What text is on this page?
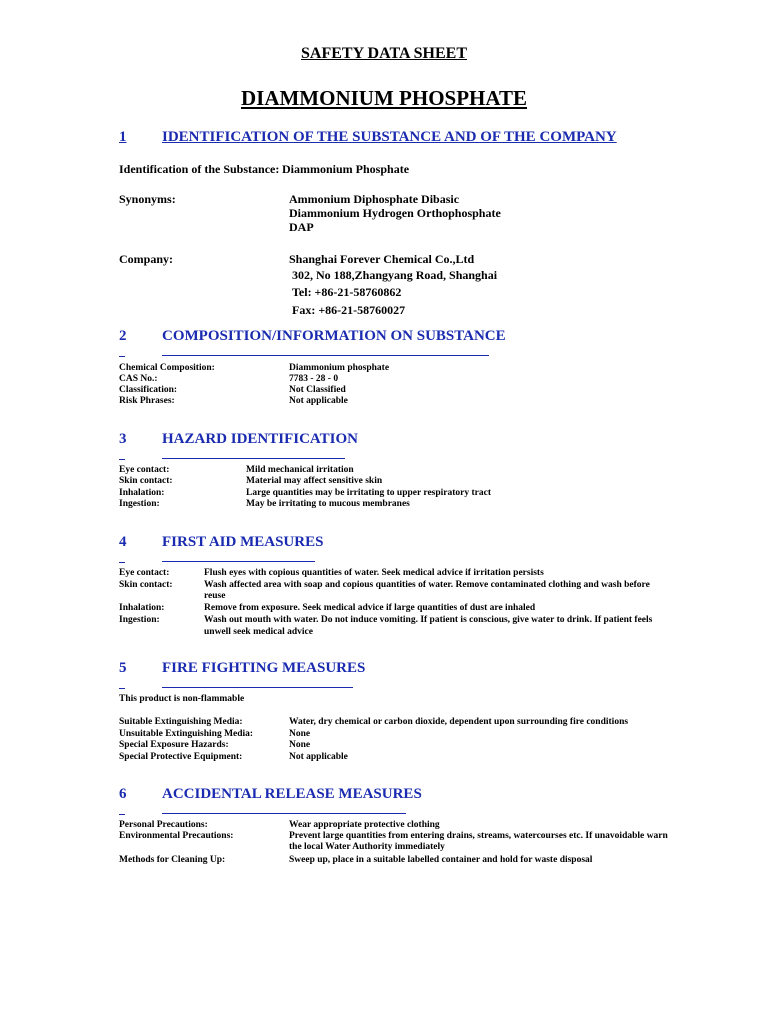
SAFETY DATA SHEET
DIAMMONIUM PHOSPHATE
1 IDENTIFICATION OF THE SUBSTANCE AND OF THE COMPANY
Identification of the Substance: Diammonium Phosphate
Synonyms:	Ammonium Diphosphate Dibasic
Diammonium Hydrogen Orthophosphate
DAP
Company:	Shanghai Forever Chemical Co.,Ltd
302, No 188,Zhangyang Road, Shanghai
Tel: +86-21-58760862
Fax: +86-21-58760027
2 COMPOSITION/INFORMATION ON SUBSTANCE
Chemical Composition:	Diammonium phosphate
CAS No.:	7783 - 28 - 0
Classification:	Not Classified
Risk Phrases:	Not applicable
3 HAZARD IDENTIFICATION
Eye contact:	Mild mechanical irritation
Skin contact:	Material may affect sensitive skin
Inhalation:	Large quantities may be irritating to upper respiratory tract
Ingestion:	May be irritating to mucous membranes
4 FIRST AID MEASURES
Eye contact:	Flush eyes with copious quantities of water. Seek medical advice if irritation persists
Skin contact:	Wash affected area with soap and copious quantities of water. Remove contaminated clothing and wash before
reuse
Inhalation:	Remove from exposure. Seek medical advice if large quantities of dust are inhaled
Ingestion:	Wash out mouth with water. Do not induce vomiting. If patient is conscious, give water to drink. If patient feels
unwell seek medical advice
5 FIRE FIGHTING MEASURES
This product is non-flammable
Suitable Extinguishing Media:	Water, dry chemical or carbon dioxide, dependent upon surrounding fire conditions
Unsuitable Extinguishing Media:	None
Special Exposure Hazards:	None
Special Protective Equipment:	Not applicable
6 ACCIDENTAL RELEASE MEASURES
Personal Precautions:	Wear appropriate protective clothing
Environmental Precautions:	Prevent large quantities from entering drains, streams, watercourses etc. If unavoidable warn
the local Water Authority immediately
Methods for Cleaning Up:	Sweep up, place in a suitable labelled container and hold for waste disposal
